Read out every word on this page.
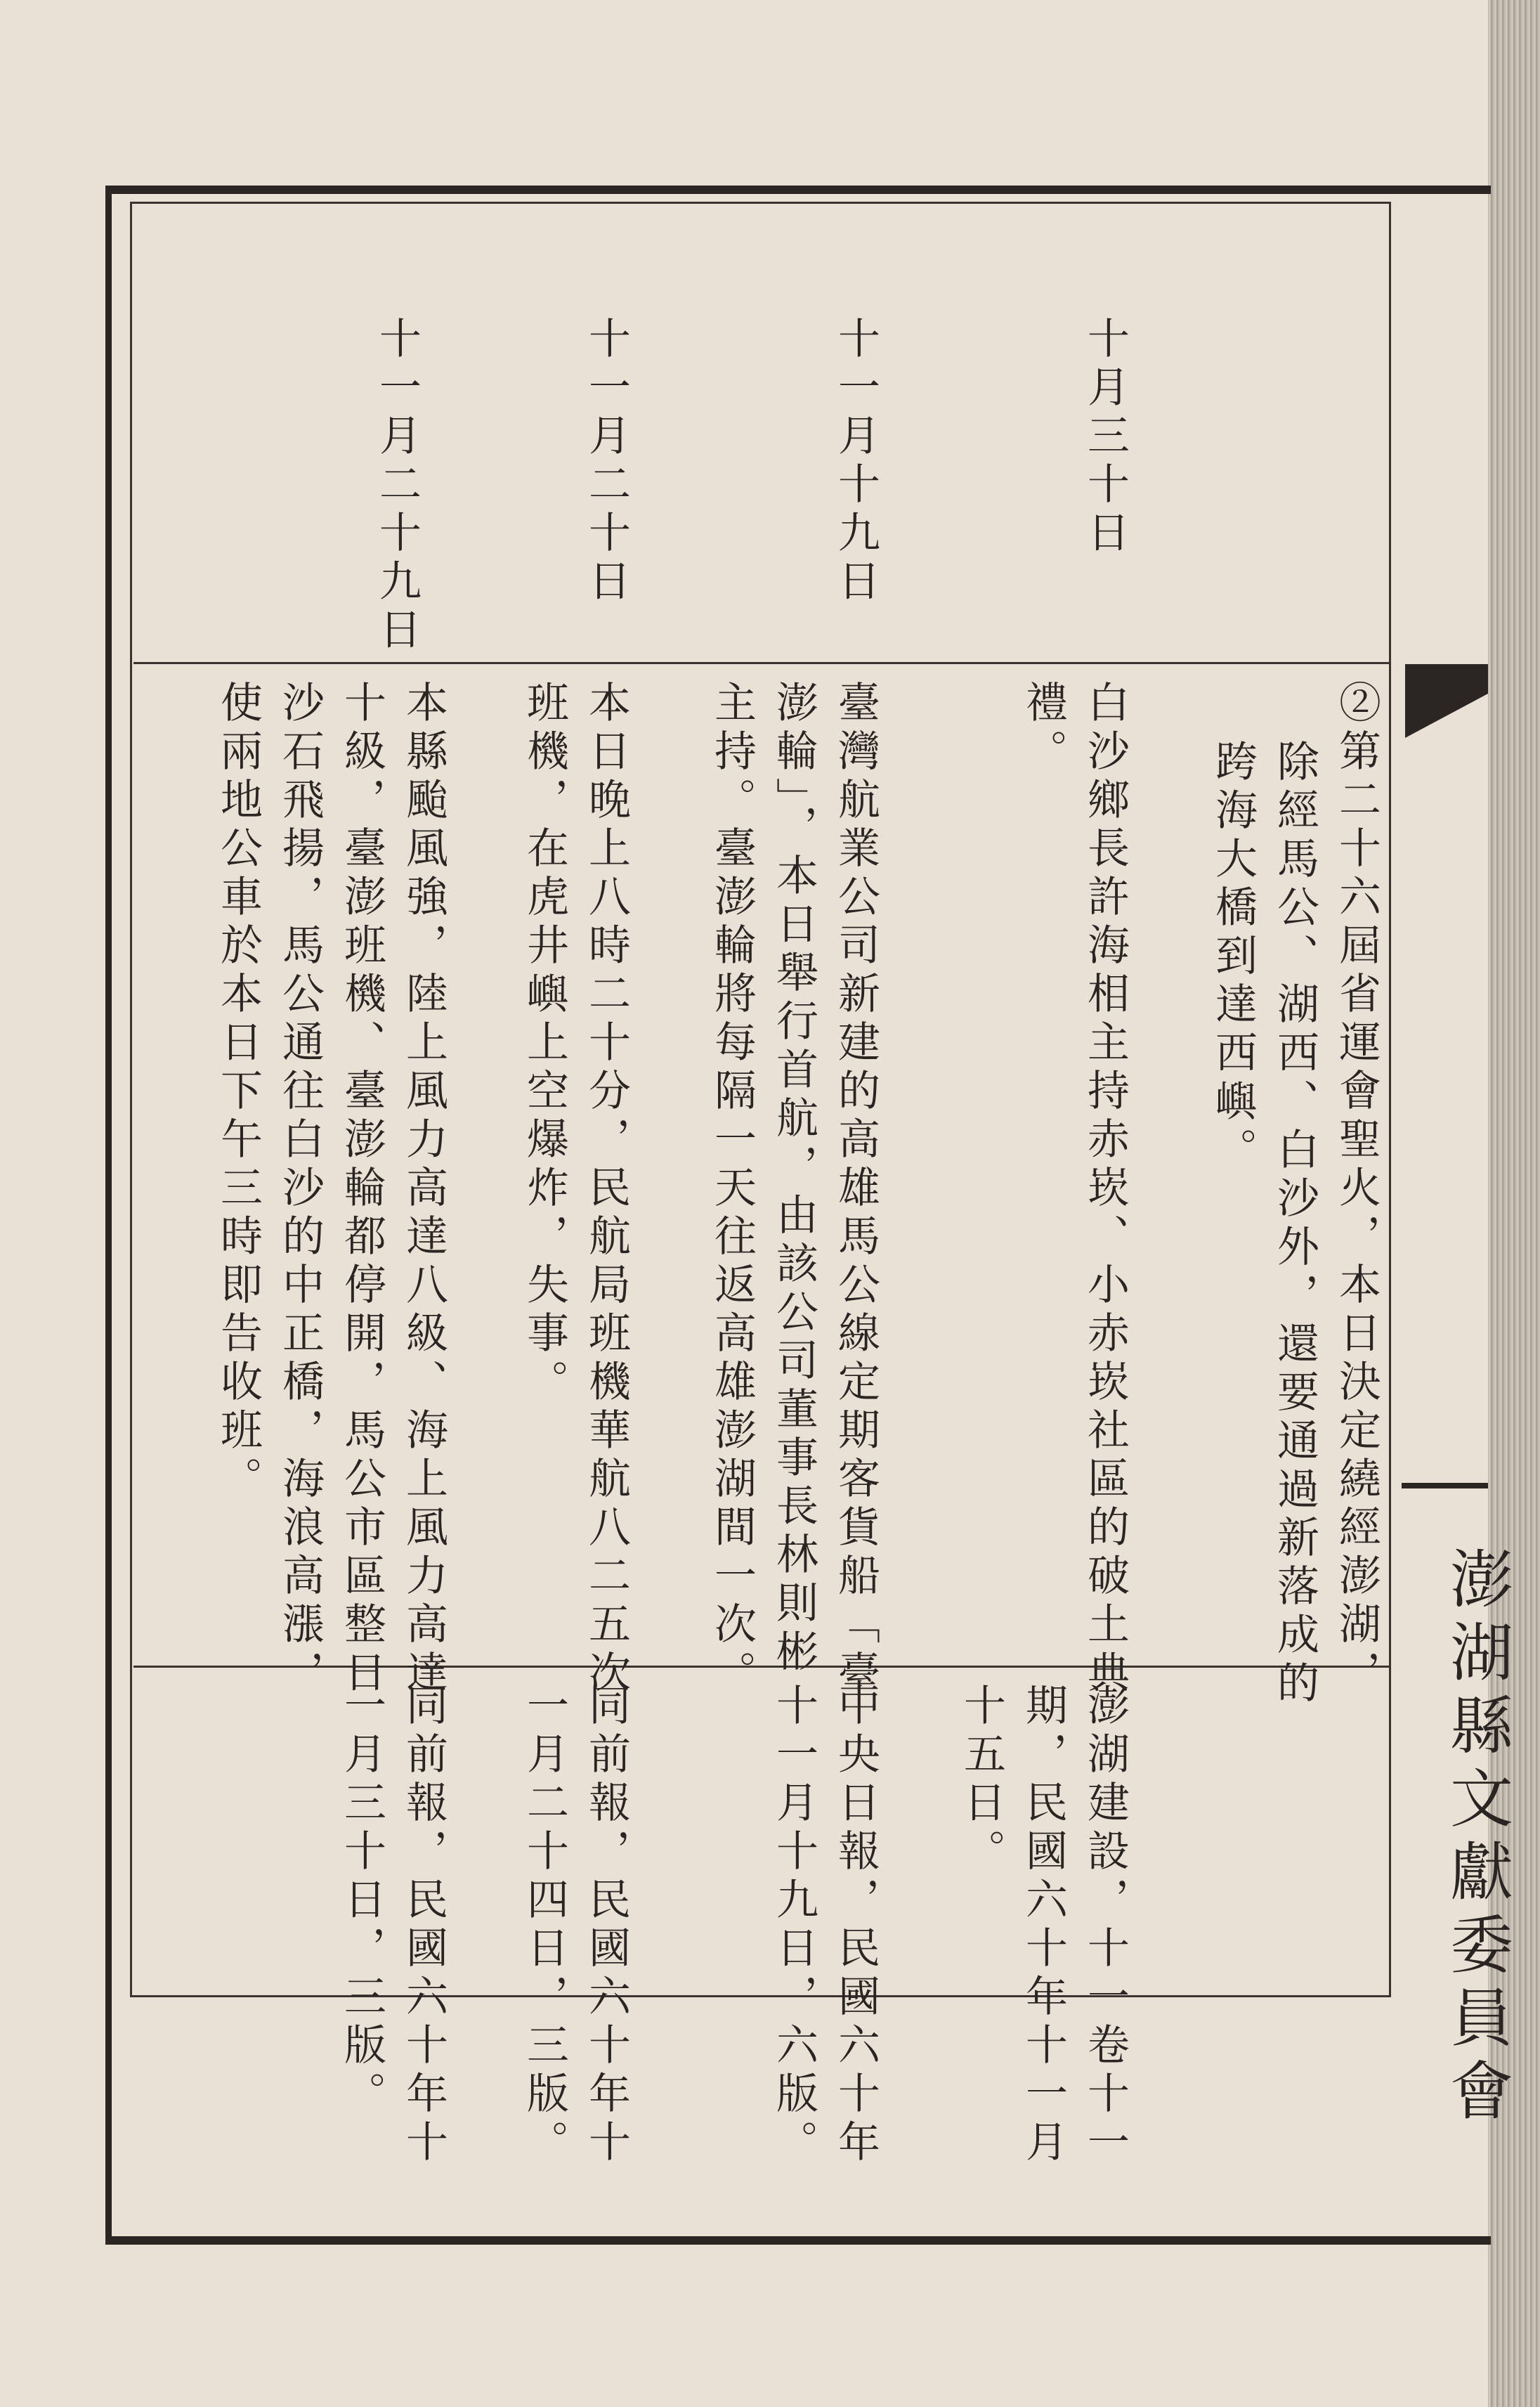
澎湖縣文獻委員會
十月三十日
十一月十九日
十一月二十日
十一月二十九日
②第二十六屆省運會聖火，本日決定繞經澎湖，
除經馬公、湖西、白沙外，還要通過新落成的
跨海大橋到達西嶼。
白沙鄉長許海相主持赤崁、小赤崁社區的破土典
禮。
臺灣航業公司新建的高雄馬公線定期客貨船「臺
澎輪」，本日舉行首航，由該公司董事長林則彬
主持。臺澎輪將每隔一天往返高雄澎湖間一次。
本日晚上八時二十分，民航局班機華航八二五次
班機，在虎井嶼上空爆炸，失事。
本縣颱風強，陸上風力高達八級、海上風力高達
十級，臺澎班機、臺澎輪都停開，馬公市區整日
沙石飛揚，馬公通往白沙的中正橋，海浪高漲，
使兩地公車於本日下午三時即告收班。
澎湖建設，十一卷十一
期，民國六十年十一月
十五日。
中央日報，民國六十年
十一月十九日，六版。
同前報，民國六十年十
一月二十四日，三版。
同前報，民國六十年十
一月三十日，三版。
